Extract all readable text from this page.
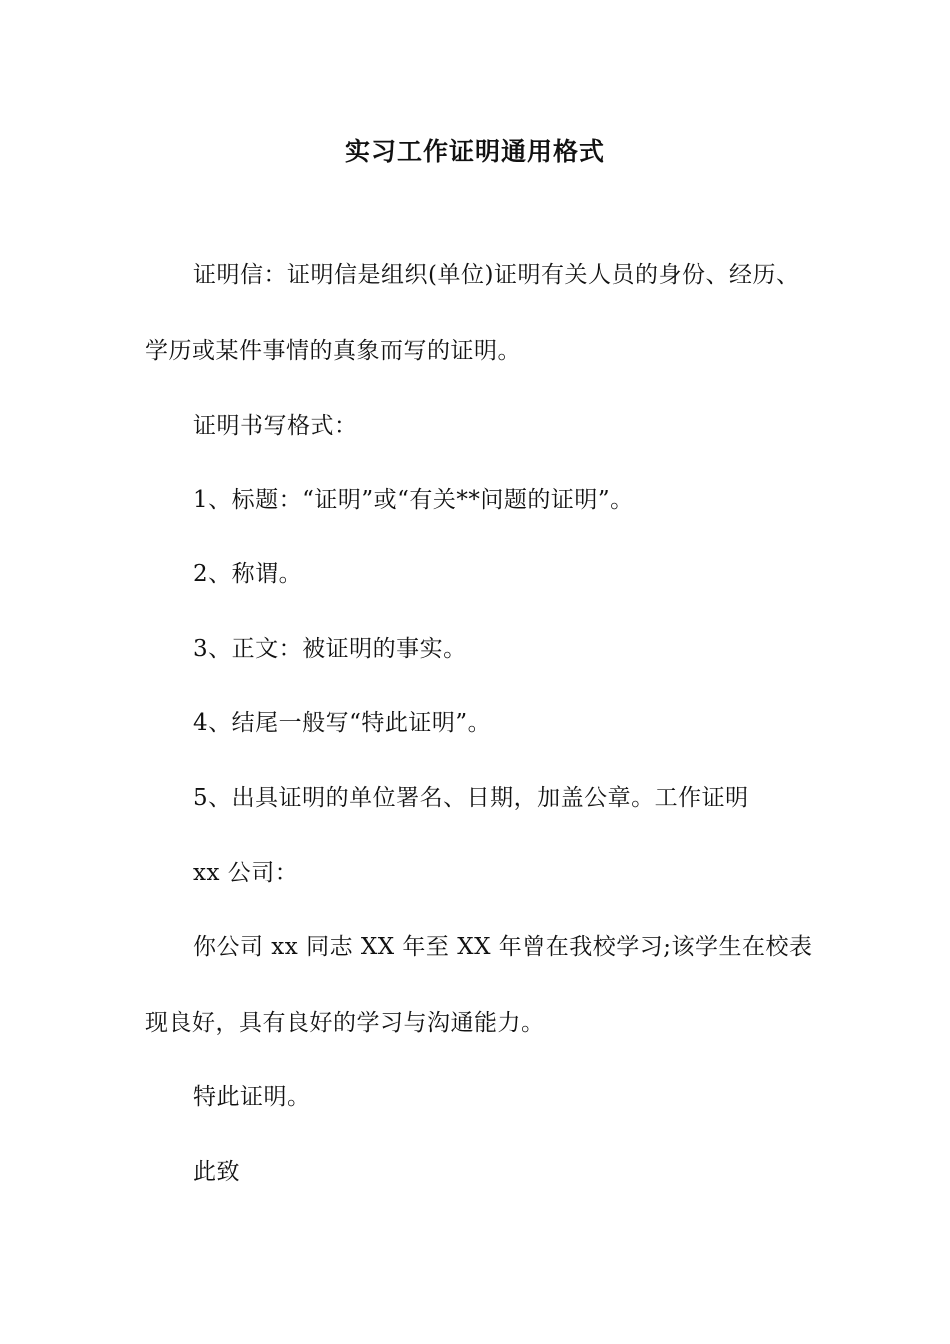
实习工作证明通用格式
证明信：证明信是组织(单位)证明有关人员的身份、经历、
学历或某件事情的真象而写的证明。
证明书写格式：
1、标题：“证明”或“有关**问题的证明”。
2、称谓。
3、正文：被证明的事实。
4、结尾一般写“特此证明”。
5、出具证明的单位署名、日期，加盖公章。工作证明
xx 公司：
你公司 xx 同志 XX 年至 XX 年曾在我校学习;该学生在校表
现良好，具有良好的学习与沟通能力。
特此证明。
此致
